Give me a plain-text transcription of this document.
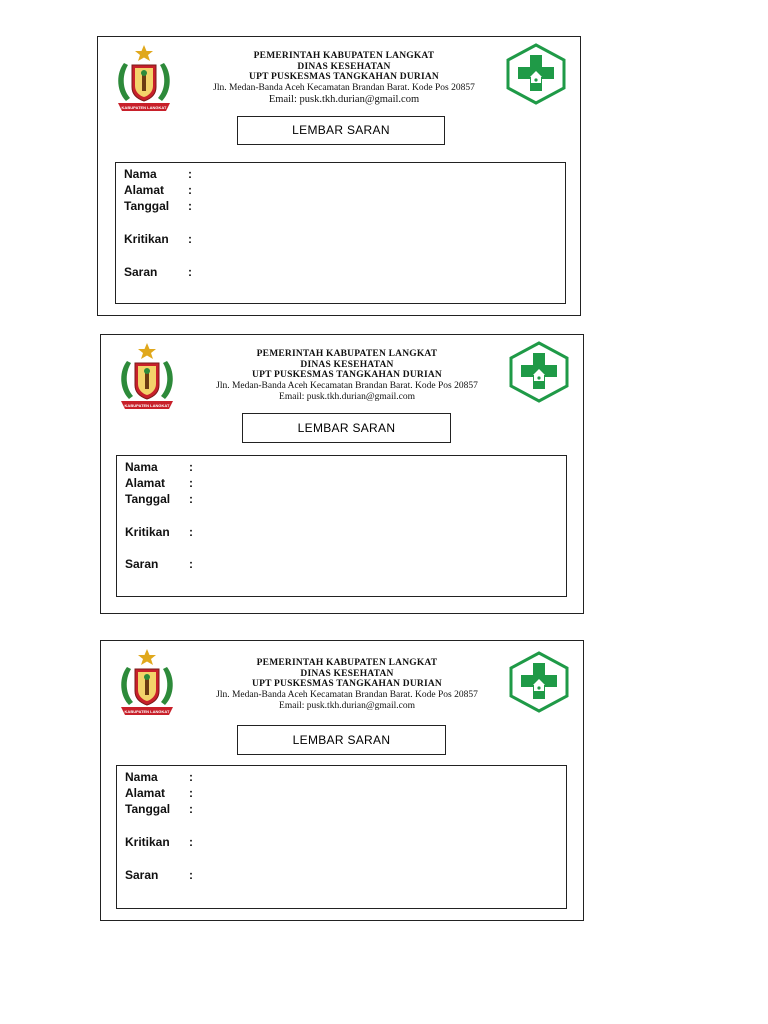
KABUPATEN LANGKAT
PEMERINTAH KABUPATEN LANGKAT
DINAS KESEHATAN
UPT PUSKESMAS TANGKAHAN DURIAN
Jln. Medan-Banda Aceh Kecamatan Brandan Barat. Kode Pos 20857
Email: pusk.tkh.durian@gmail.com
LEMBAR SARAN
Nama	:
Alamat :
Tanggal :
Kritikan :
Saran	:
KABUPATEN LANGKAT
PEMERINTAH KABUPATEN LANGKAT
DINAS KESEHATAN
UPT PUSKESMAS TANGKAHAN DURIAN
Jln. Medan-Banda Aceh Kecamatan Brandan Barat. Kode Pos 20857
Email: pusk.tkh.durian@gmail.com
LEMBAR SARAN
Nama	:
Alamat :
Tanggal :
Kritikan :
Saran	:
KABUPATEN LANGKAT
PEMERINTAH KABUPATEN LANGKAT
DINAS KESEHATAN
UPT PUSKESMAS TANGKAHAN DURIAN
Jln. Medan-Banda Aceh Kecamatan Brandan Barat. Kode Pos 20857
Email: pusk.tkh.durian@gmail.com
LEMBAR SARAN
Nama	:
Alamat :
Tanggal :
Kritikan :
Saran	:
